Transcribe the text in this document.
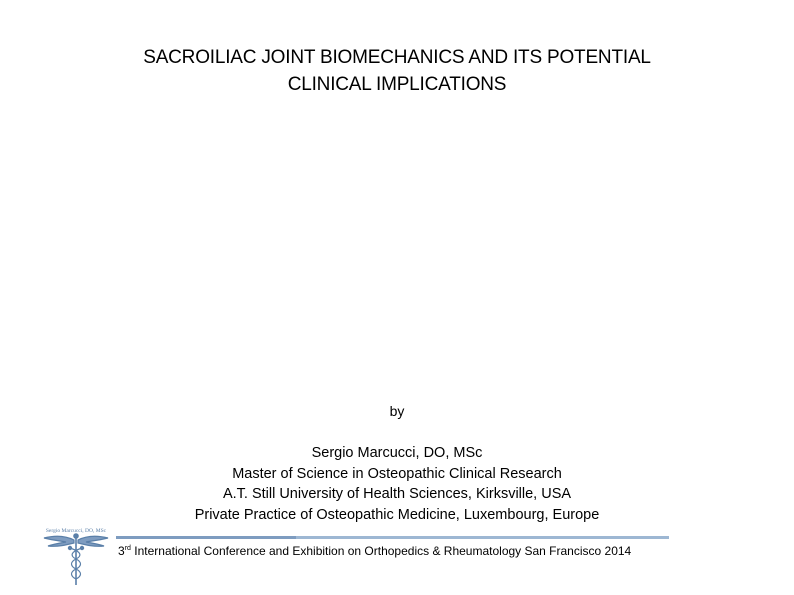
SACROILIAC JOINT BIOMECHANICS AND ITS POTENTIAL
CLINICAL IMPLICATIONS
by
Sergio Marcucci, DO, MSc
Master of Science in Osteopathic Clinical Research
A.T. Still University of Health Sciences, Kirksville, USA
Private Practice of Osteopathic Medicine, Luxembourg, Europe
Sergio Marcucci, DO, MSc
3rd International Conference and Exhibition on Orthopedics & Rheumatology San Francisco 2014
